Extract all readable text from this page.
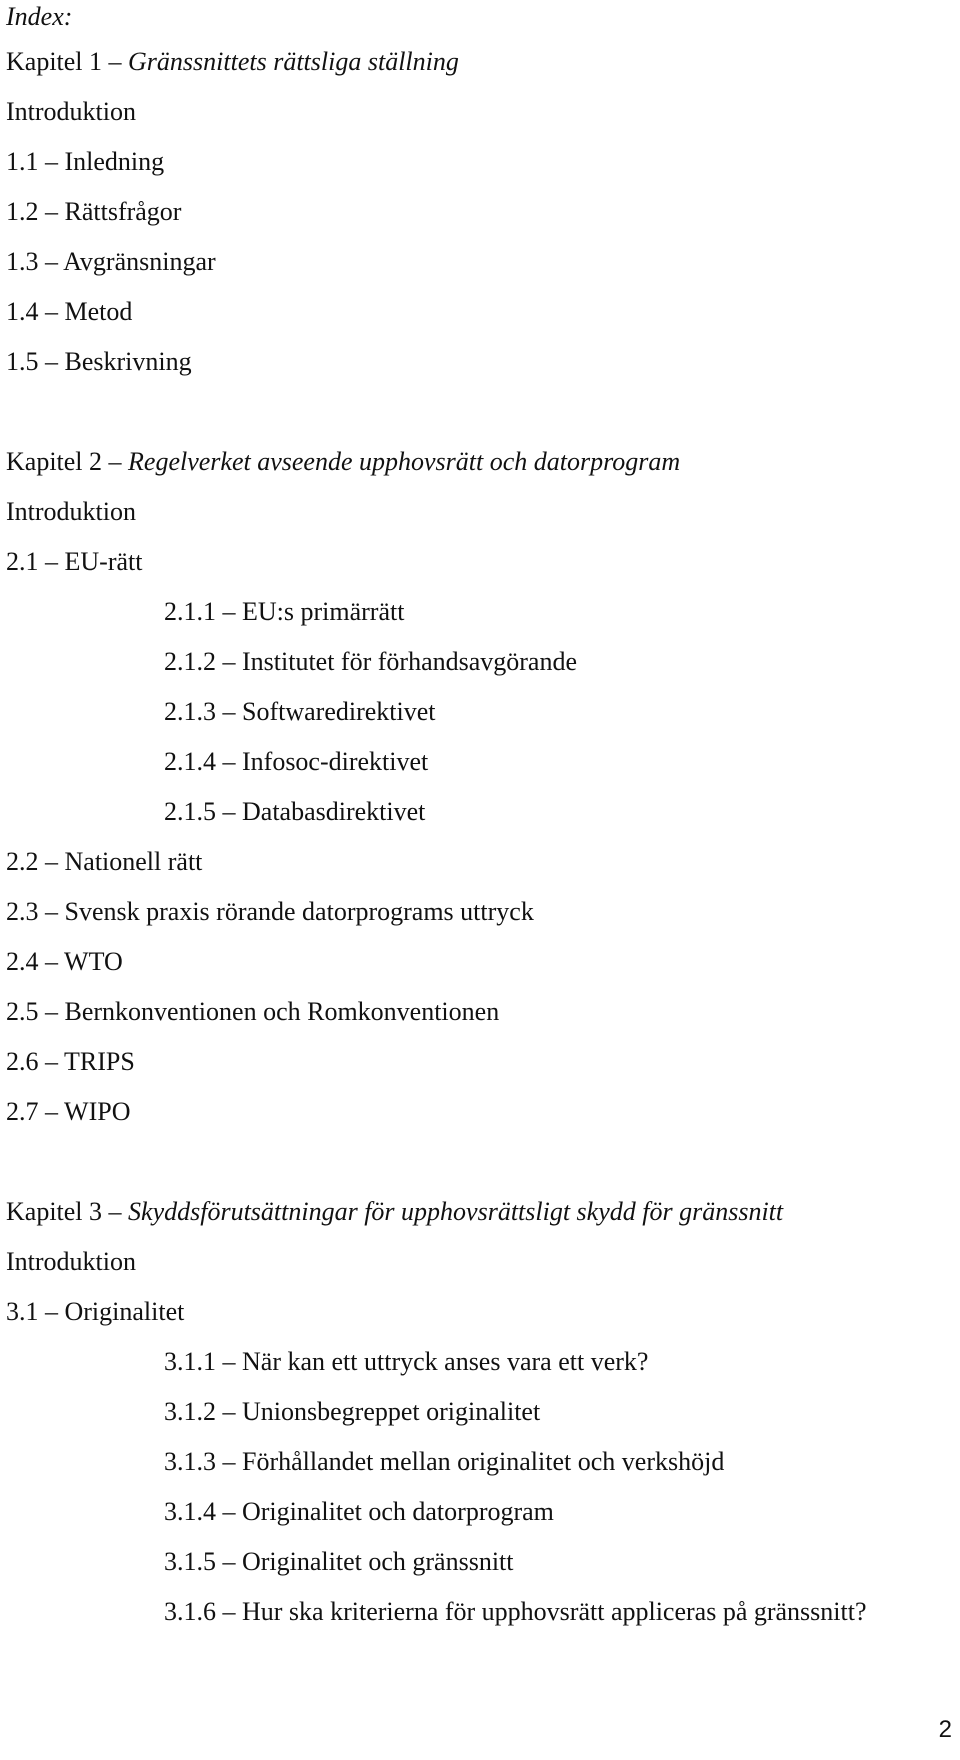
Index:
Kapitel 1 – Gränssnittets rättsliga ställning
Introduktion
1.1 – Inledning
1.2 – Rättsfrågor
1.3 – Avgränsningar
1.4 – Metod
1.5 – Beskrivning
Kapitel 2 – Regelverket avseende upphovsrätt och datorprogram
Introduktion
2.1 – EU-rätt
2.1.1 – EU:s primärrätt
2.1.2 – Institutet för förhandsavgörande
2.1.3 – Softwaredirektivet
2.1.4 – Infosoc-direktivet
2.1.5 – Databasdirektivet
2.2 – Nationell rätt
2.3 – Svensk praxis rörande datorprograms uttryck
2.4 – WTO
2.5 – Bernkonventionen och Romkonventionen
2.6 – TRIPS
2.7 – WIPO
Kapitel 3 – Skyddsförutsättningar för upphovsrättsligt skydd för gränssnitt
Introduktion
3.1 – Originalitet
3.1.1 – När kan ett uttryck anses vara ett verk?
3.1.2 – Unionsbegreppet originalitet
3.1.3 – Förhållandet mellan originalitet och verkshöjd
3.1.4 – Originalitet och datorprogram
3.1.5 – Originalitet och gränssnitt
3.1.6 – Hur ska kriterierna för upphovsrätt appliceras på gränssnitt?
2
